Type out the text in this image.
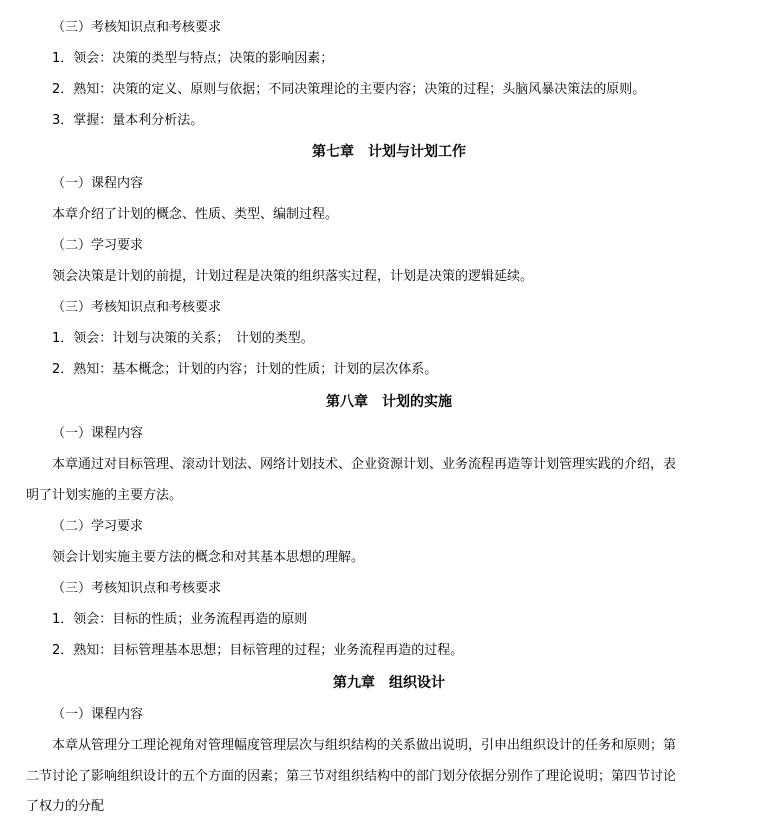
（三）考核知识点和考核要求
1．领会：决策的类型与特点；决策的影响因素；
2．熟知：决策的定义、原则与依据；不同决策理论的主要内容；决策的过程；头脑风暴决策法的原则。
3．掌握：量本利分析法。
第七章　计划与计划工作
（一）课程内容
本章介绍了计划的概念、性质、类型、编制过程。
（二）学习要求
领会决策是计划的前提，计划过程是决策的组织落实过程，计划是决策的逻辑延续。
（三）考核知识点和考核要求
1．领会：计划与决策的关系；　计划的类型。
2．熟知：基本概念；计划的内容；计划的性质；计划的层次体系。
第八章　计划的实施
（一）课程内容
本章通过对目标管理、滚动计划法、网络计划技术、企业资源计划、业务流程再造等计划管理实践的介绍，表
明了计划实施的主要方法。
（二）学习要求
领会计划实施主要方法的概念和对其基本思想的理解。
（三）考核知识点和考核要求
1．领会：目标的性质；业务流程再造的原则
2．熟知：目标管理基本思想；目标管理的过程；业务流程再造的过程。
第九章　组织设计
（一）课程内容
本章从管理分工理论视角对管理幅度管理层次与组织结构的关系做出说明，引申出组织设计的任务和原则；第
二节讨论了影响组织设计的五个方面的因素；第三节对组织结构中的部门划分依据分别作了理论说明；第四节讨论
了权力的分配
